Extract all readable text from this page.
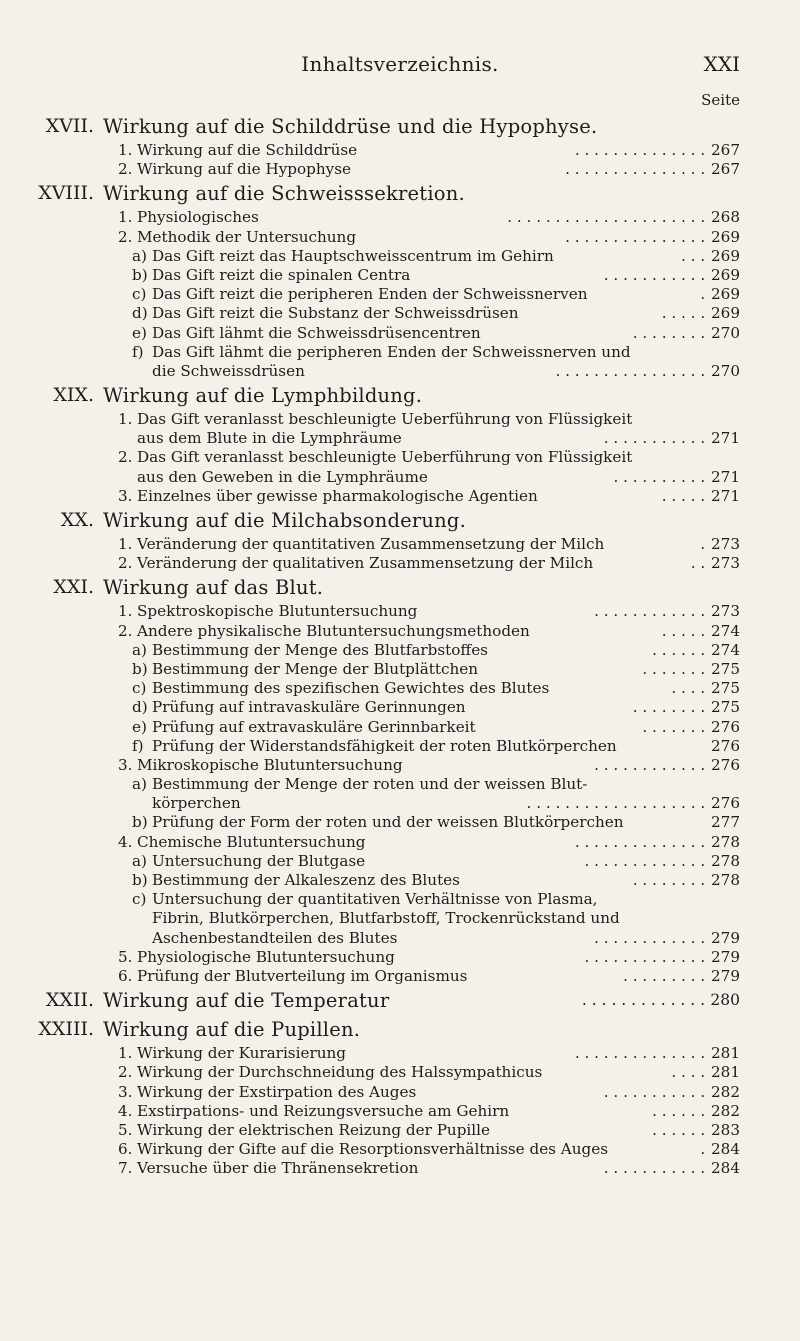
Inhaltsverzeichnis.	XXI
Seite
XVII. Wirkung auf die Schilddrüse und die Hypophyse.
1. Wirkung auf die Schilddrüse	. . . . . . . . . . . . . . 267
2. Wirkung auf die Hypophyse	. . . . . . . . . . . . . . . 267
XVIII. Wirkung auf die Schweisssekretion.
1. Physiologisches	. . . . . . . . . . . . . . . . . . . . . 268
2. Methodik der Untersuchung	. . . . . . . . . . . . . . . 269
a) Das Gift reizt das Hauptschweisscentrum im Gehirn	. . . 269
b) Das Gift reizt die spinalen Centra	. . . . . . . . . . . 269
c) Das Gift reizt die peripheren Enden der Schweissnerven	. 269
d) Das Gift reizt die Substanz der Schweissdrüsen	. . . . . 269
e) Das Gift lähmt die Schweissdrüsencentren	. . . . . . . . 270
f) Das Gift lähmt die peripheren Enden der Schweissnerven und
die Schweissdrüsen	. . . . . . . . . . . . . . . . 270
XIX. Wirkung auf die Lymphbildung.
1. Das Gift veranlasst beschleunigte Ueberführung von Flüssigkeit
aus dem Blute in die Lymphräume	. . . . . . . . . . . 271
2. Das Gift veranlasst beschleunigte Ueberführung von Flüssigkeit
aus den Geweben in die Lymphräume	. . . . . . . . . . 271
3. Einzelnes über gewisse pharmakologische Agentien	. . . . . 271
XX. Wirkung auf die Milchabsonderung.
1. Veränderung der quantitativen Zusammensetzung der Milch	. 273
2. Veränderung der qualitativen Zusammensetzung der Milch	. . 273
XXI. Wirkung auf das Blut.
1. Spektroskopische Blutuntersuchung	. . . . . . . . . . . . 273
2. Andere physikalische Blutuntersuchungsmethoden	. . . . . 274
a) Bestimmung der Menge des Blutfarbstoffes	. . . . . . 274
b) Bestimmung der Menge der Blutplättchen	. . . . . . . 275
c) Bestimmung des spezifischen Gewichtes des Blutes	. . . . 275
d) Prüfung auf intravaskuläre Gerinnungen	. . . . . . . . 275
e) Prüfung auf extravaskuläre Gerinnbarkeit	. . . . . . . 276
f) Prüfung der Widerstandsfähigkeit der roten Blutkörperchen	276
3. Mikroskopische Blutuntersuchung	. . . . . . . . . . . . 276
a) Bestimmung der Menge der roten und der weissen Blut-
körperchen	. . . . . . . . . . . . . . . . . . . 276
b) Prüfung der Form der roten und der weissen Blutkörperchen	277
4. Chemische Blutuntersuchung	. . . . . . . . . . . . . . 278
a) Untersuchung der Blutgase	. . . . . . . . . . . . . 278
b) Bestimmung der Alkaleszenz des Blutes	. . . . . . . . 278
c) Untersuchung der quantitativen Verhältnisse von Plasma,
Fibrin, Blutkörperchen, Blutfarbstoff, Trockenrückstand und
Aschenbestandteilen des Blutes	. . . . . . . . . . . . 279
5. Physiologische Blutuntersuchung	. . . . . . . . . . . . . 279
6. Prüfung der Blutverteilung im Organismus	. . . . . . . . . 279
XXII. Wirkung auf die Temperatur	. . . . . . . . . . . . . 280
XXIII. Wirkung auf die Pupillen.
1. Wirkung der Kurarisierung	. . . . . . . . . . . . . . 281
2. Wirkung der Durchschneidung des Halssympathicus	. . . . 281
3. Wirkung der Exstirpation des Auges	. . . . . . . . . . . 282
4. Exstirpations- und Reizungsversuche am Gehirn	. . . . . . 282
5. Wirkung der elektrischen Reizung der Pupille	. . . . . . 283
6. Wirkung der Gifte auf die Resorptionsverhältnisse des Auges	. 284
7. Versuche über die Thränensekretion	. . . . . . . . . . . 284
